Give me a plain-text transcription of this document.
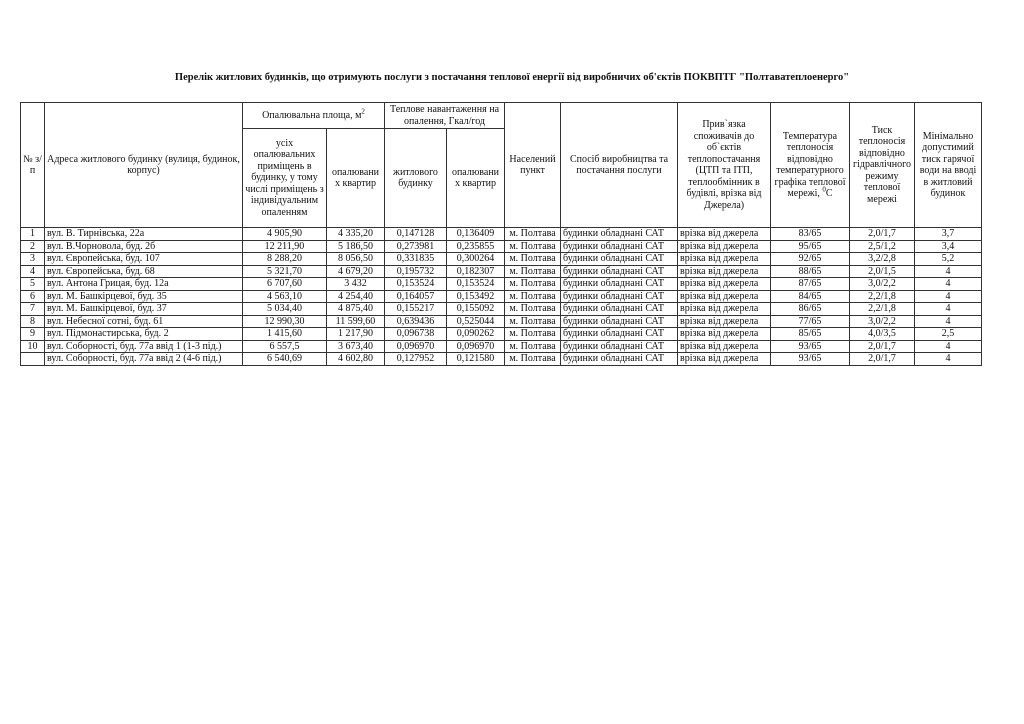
Перелік житлових будинків, що отримують послуги з постачання теплової енергії від виробничих об'єктів ПОКВПТГ "Полтаватеплоенерго"
№ з/п	Адреса житлового будинку (вулиця, будинок, корпус)	Опалювальна площа, $м^2$		Теплове навантаження на опалення, Гкал/год		Населений пункт	Спосіб виробництва та постачання послуги	Прив`язка споживачів до об`єктів теплопостачання (ЦТП та ІТП, теплообмінник в будівлі, врізка від Джерела)	Температура теплоносія відповідно температурного графіка теплової мережі, $^0$С	Тиск теплоносія відповідно гідравлічного режиму теплової мережі	Мінімально допустимий тиск гарячої води на вводі в житловий будинок
		усіх опалювальних приміщень в будинку, у тому числі приміщень з індивідуальним опаленням	опалювани х квартир	житлового будинку	опалювани х квартир						
1	вул. В. Тирнівська, 22а	4 905,90	4 335,20	0,147128	0,136409	м. Полтава	будинки обладнані САТ	врізка від джерела	83/65	2,0/1,7	3,7
2	вул. В.Чорновола, буд. 2б	12 211,90	5 186,50	0,273981	0,235855	м. Полтава	будинки обладнані САТ	врізка від джерела	95/65	2,5/1,2	3,4
3	вул. Європейська, буд. 107	8 288,20	8 056,50	0,331835	0,300264	м. Полтава	будинки обладнані САТ	врізка від джерела	92/65	3,2/2,8	5,2
4	вул. Європейська, буд. 68	5 321,70	4 679,20	0,195732	0,182307	м. Полтава	будинки обладнані САТ	врізка від джерела	88/65	2,0/1,5	4
5	вул. Антона Грицая, буд. 12а	6 707,60	3 432	0,153524	0,153524	м. Полтава	будинки обладнані САТ	врізка від джерела	87/65	3,0/2,2	4
6	вул. М. Башкірцевої, буд. 35	4 563,10	4 254,40	0,164057	0,153492	м. Полтава	будинки обладнані САТ	врізка від джерела	84/65	2,2/1,8	4
7	вул. М. Башкірцевої, буд. 37	5 034,40	4 875,40	0,155217	0,155092	м. Полтава	будинки обладнані САТ	врізка від джерела	86/65	2,2/1,8	4
8	вул. Небесної сотні, буд. 61	12 990,30	11 599,60	0,639436	0,525044	м. Полтава	будинки обладнані САТ	врізка від джерела	77/65	3,0/2,2	4
9	вул. Підмонастирська, буд. 2	1 415,60	1 217,90	0,096738	0,090262	м. Полтава	будинки обладнані САТ	врізка від джерела	85/65	4,0/3,5	2,5
10	вул. Соборності, буд. 77а ввід 1 (1-3 під.)	6 557,5	3 673,40	0,096970	0,096970	м. Полтава	будинки обладнані САТ	врізка від джерела	93/65	2,0/1,7	4
	вул. Соборності, буд. 77а ввід 2 (4-6 під.)	6 540,69	4 602,80	0,127952	0,121580	м. Полтава	будинки обладнані САТ	врізка від джерела	93/65	2,0/1,7	4
